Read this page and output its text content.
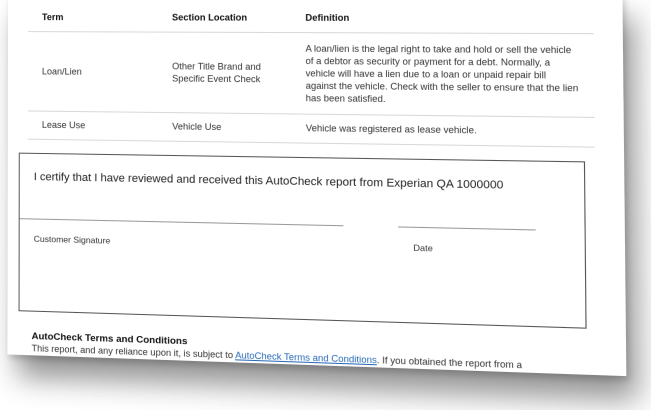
Term	Section Location	Definition
Loan/Lien	Other Title Brand and Specific Event Check	A loan/lien is the legal right to take and hold or sell the vehicle of a debtor as security or payment for a debt. Normally, a vehicle will have a lien due to a loan or unpaid repair bill against the vehicle. Check with the seller to ensure that the lien has been satisfied.
Lease Use	Vehicle Use	Vehicle was registered as lease vehicle.
I certify that I have reviewed and received this AutoCheck report from Experian QA 1000000
Customer Signature
Date
AutoCheck Terms and Conditions
This report, and any reliance upon it, is subject to AutoCheck Terms and Conditions. If you obtained the report from a
